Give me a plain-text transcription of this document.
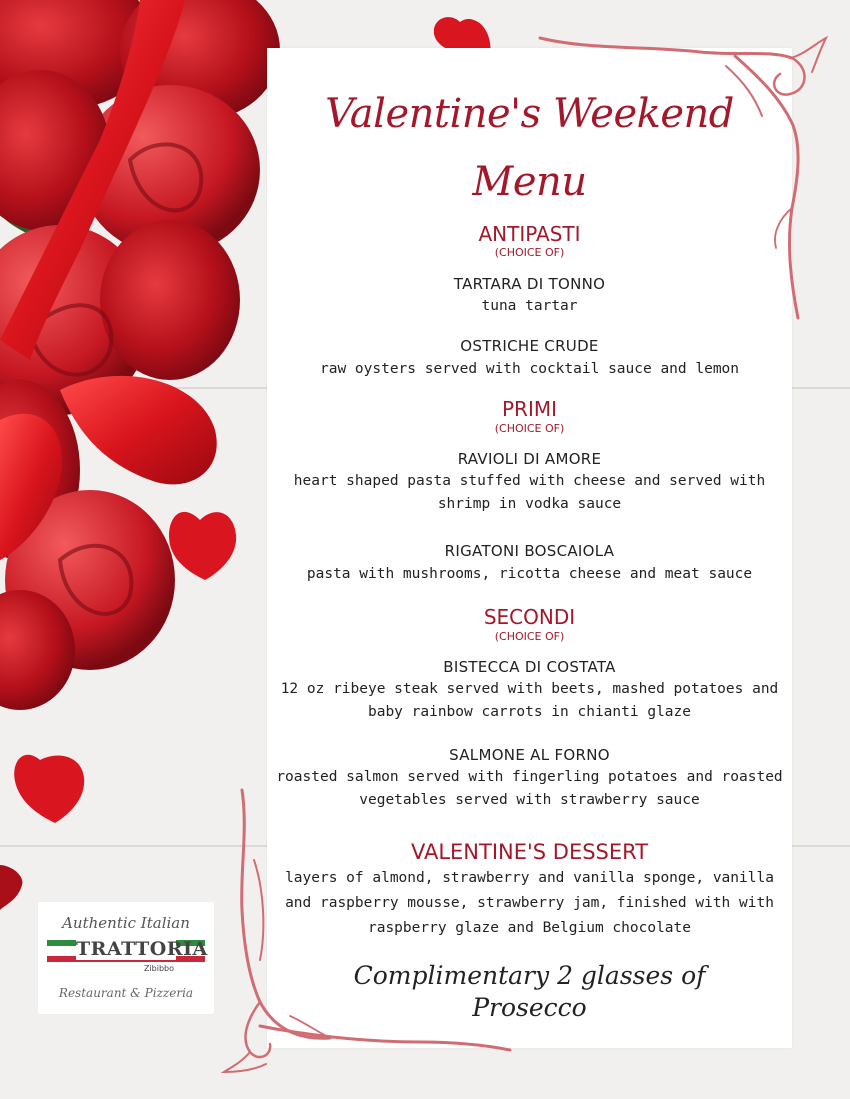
Valentine's Weekend
Menu
ANTIPASTI
(CHOICE OF)
TARTARA DI TONNO
tuna tartar
OSTRICHE CRUDE
raw oysters served with cocktail sauce and lemon
PRIMI
(CHOICE OF)
RAVIOLI DI AMORE
heart shaped pasta stuffed with cheese and served with
shrimp in vodka sauce
RIGATONI BOSCAIOLA
pasta with mushrooms, ricotta cheese and meat sauce
SECONDI
(CHOICE OF)
BISTECCA DI COSTATA
12 oz ribeye steak served with beets, mashed potatoes and
baby rainbow carrots in chianti glaze
SALMONE AL FORNO
roasted salmon served with fingerling potatoes and roasted
vegetables served with strawberry sauce
VALENTINE'S DESSERT
layers of almond, strawberry and vanilla sponge, vanilla
and raspberry mousse, strawberry jam, finished with with
raspberry glaze and Belgium chocolate
Complimentary 2 glasses of
Prosecco
Authentic Italian
TRATTORIA
Zibibbo
Restaurant & Pizzeria
